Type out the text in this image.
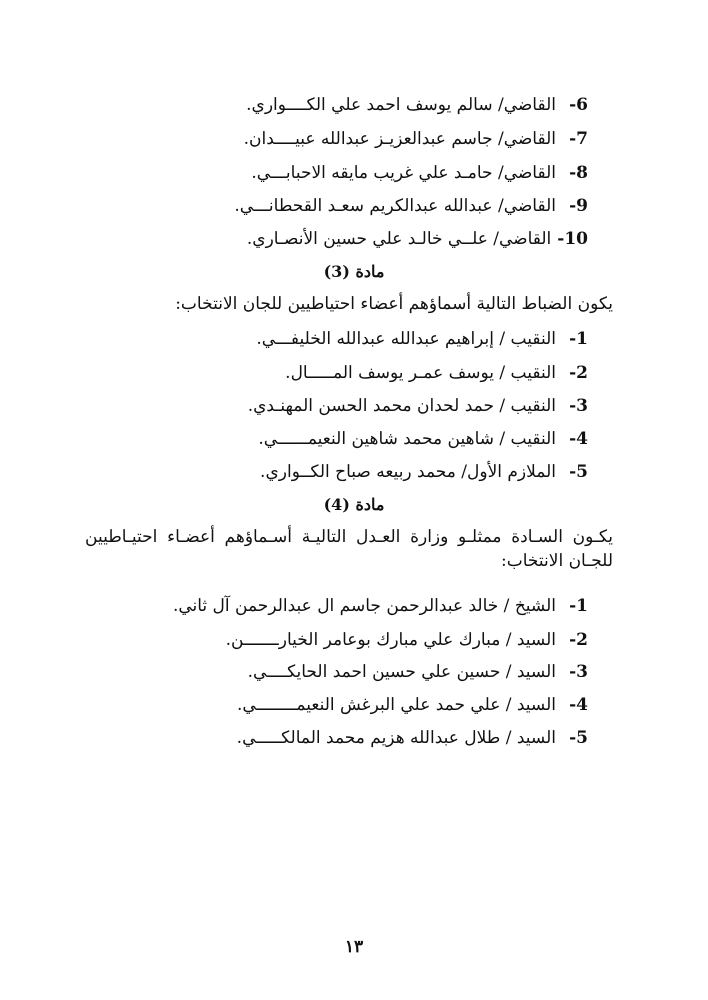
6-القاضي/ سالم يوسف احمد علي الكــــواري.
7-القاضي/ جاسم عبدالعزيـز عبدالله عبيــــدان.
8-القاضي/ حامـد علي غريب مايقه الاحبابـــي.
9-القاضي/ عبدالله عبدالكريم سعـد القحطانـــي.
10-القاضي/ علــي خالـد علي حسين الأنصـاري.
مادة (3)
يكون الضباط التالية أسماؤهم أعضاء احتياطيين للجان الانتخاب:
1-النقيب / إبراهيم عبدالله عبدالله الخليفـــي.
2-النقيب / يوسف عمـر يوسف المـــــال.
3-النقيب / حمد لحدان محمد الحسن المهنـدي.
4-النقيب / شاهين محمد شاهين النعيمــــــي.
5-الملازم الأول/ محمد ربيعه صباح الكــواري.
مادة (4)
يكـون السـادة ممثلـو وزارة العـدل التاليـة أسـماؤهم أعضـاء احتيـاطيين للجـان الانتخاب:
1-الشيخ / خالد عبدالرحمن جاسم ال عبدالرحمن آل ثاني.
2-السيد / مبارك علي مبارك بوعامر الخيارـــــــن.
3-السيد / حسين علي حسين احمد الحايكــــي.
4-السيد / علي حمد علي البرغش النعيمــــــــي.
5-السيد / طلال عبدالله هزيم محمد المالكـــــي.
١٣
